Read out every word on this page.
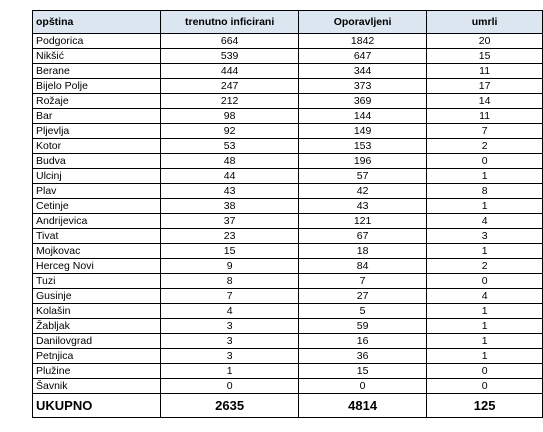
opština	trenutno inficirani	Oporavljeni	umrli
Podgorica	664	1842	20
Nikšić	539	647	15
Berane	444	344	11
Bijelo Polje	247	373	17
Rožaje	212	369	14
Bar	98	144	11
Pljevlja	92	149	7
Kotor	53	153	2
Budva	48	196	0
Ulcinj	44	57	1
Plav	43	42	8
Cetinje	38	43	1
Andrijevica	37	121	4
Tivat	23	67	3
Mojkovac	15	18	1
Herceg Novi	9	84	2
Tuzi	8	7	0
Gusinje	7	27	4
Kolašin	4	5	1
Žabljak	3	59	1
Danilovgrad	3	16	1
Petnjica	3	36	1
Plužine	1	15	0
Šavnik	0	0	0
UKUPNO	2635	4814	125
